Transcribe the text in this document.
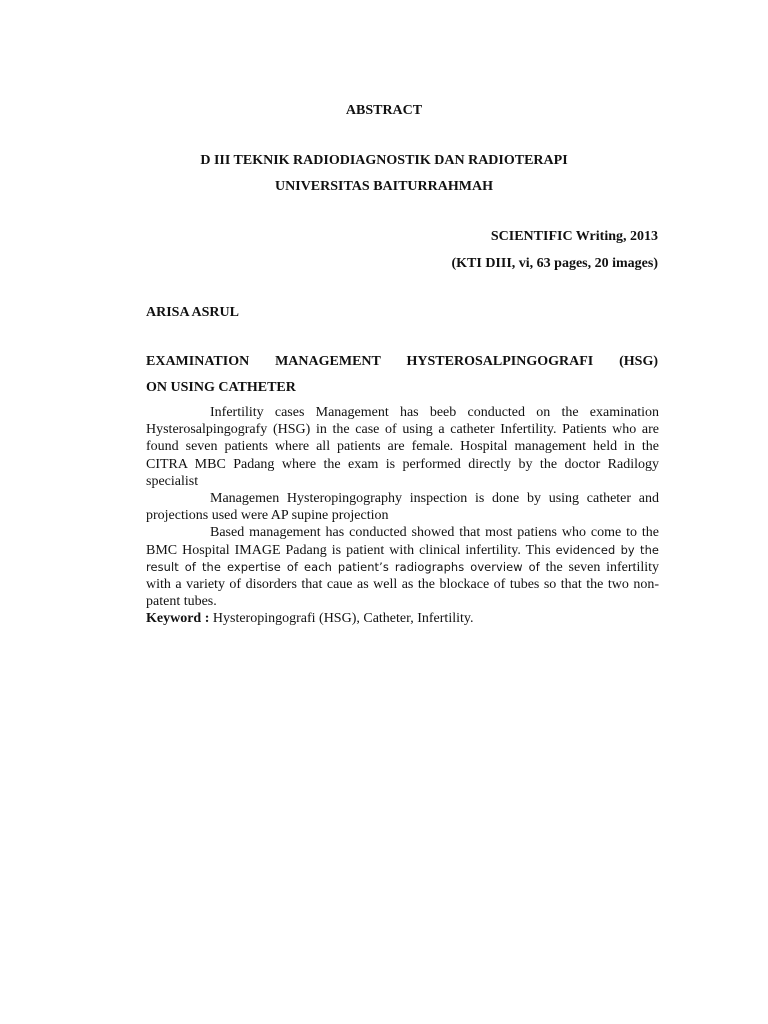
ABSTRACT
D III TEKNIK RADIODIAGNOSTIK DAN RADIOTERAPI
UNIVERSITAS BAITURRAHMAH
SCIENTIFIC Writing, 2013
(KTI DIII, vi, 63 pages, 20 images)
ARISA ASRUL
EXAMINATION MANAGEMENT HYSTEROSALPINGOGRAFI (HSG)
ON USING CATHETER

Infertility cases Management has beeb conducted on the examination Hysterosalpingografy (HSG) in the case of using a catheter Infertility. Patients who are found seven patients where all patients are female. Hospital management held in the CITRA MBC Padang where the exam is performed directly by the doctor Radilogy specialist

Managemen Hysteropingography inspection is done by using catheter and projections used were AP supine projection

Based management has conducted showed that most patiens who come to the BMC Hospital IMAGE Padang is patient with clinical infertility. This evidenced by the result of the expertise of each patient’s radiographs overview of the seven infertility with a variety of disorders that caue as well as the blockace of tubes so that the two non-patent tubes.

Keyword : Hysteropingografi (HSG), Catheter, Infertility.
